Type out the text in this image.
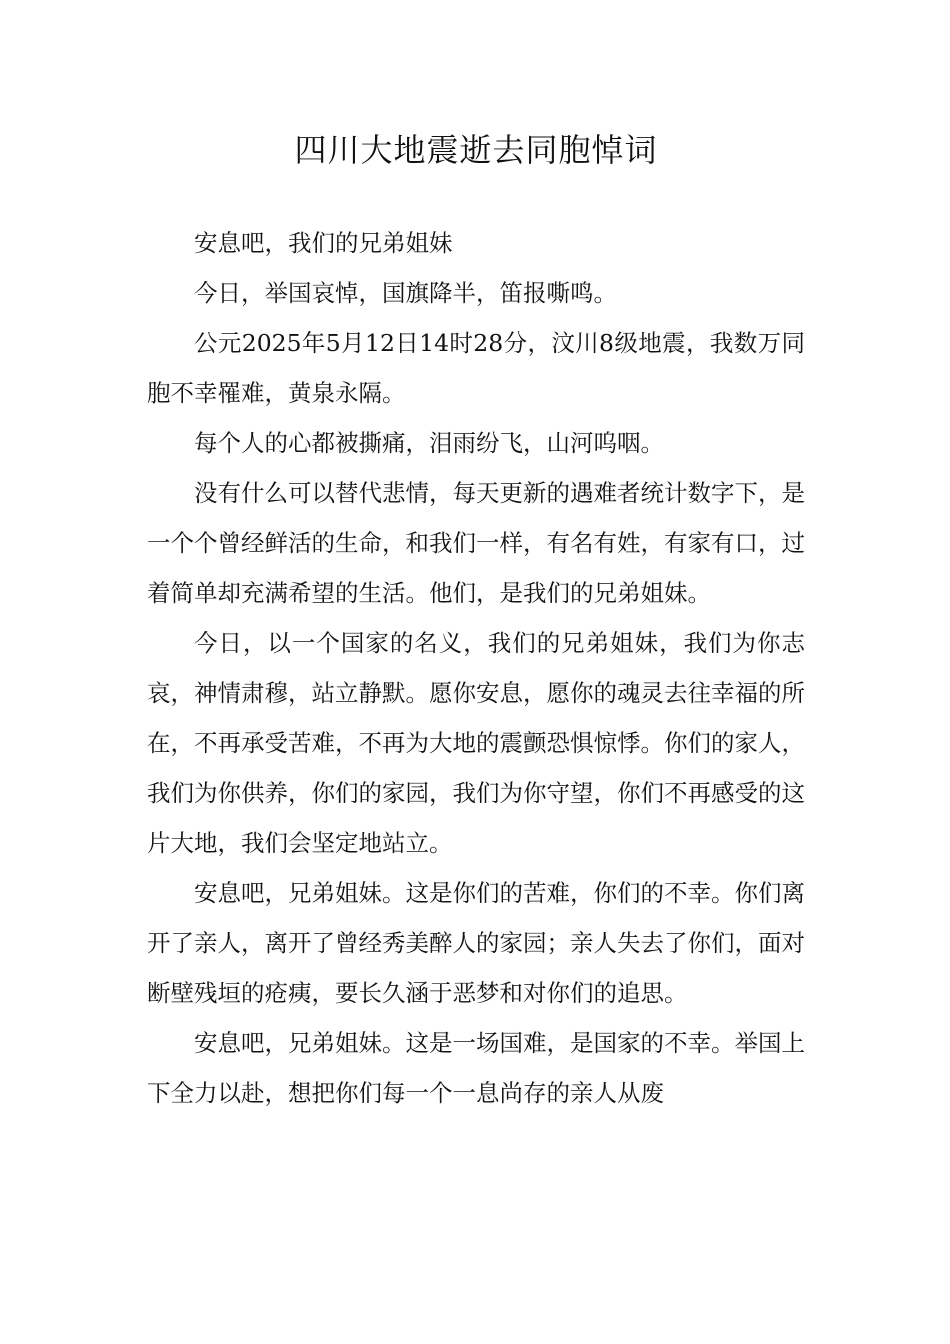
四川大地震逝去同胞悼词

安息吧，我们的兄弟姐妹

今日，举国哀悼，国旗降半，笛报嘶鸣。

公元2025年5月12日14时28分，汶川8级地震，我数万同胞不幸罹难，黄泉永隔。

每个人的心都被撕痛，泪雨纷飞，山河呜咽。

没有什么可以替代悲情，每天更新的遇难者统计数字下，是一个个曾经鲜活的生命，和我们一样，有名有姓，有家有口，过着简单却充满希望的生活。他们，是我们的兄弟姐妹。

今日，以一个国家的名义，我们的兄弟姐妹，我们为你志哀，神情肃穆，站立静默。愿你安息，愿你的魂灵去往幸福的所在，不再承受苦难，不再为大地的震颤恐惧惊悸。你们的家人，我们为你供养，你们的家园，我们为你守望，你们不再感受的这片大地，我们会坚定地站立。

安息吧，兄弟姐妹。这是你们的苦难，你们的不幸。你们离开了亲人，离开了曾经秀美醉人的家园；亲人失去了你们，面对断壁残垣的疮痍，要长久涵于恶梦和对你们的追思。

安息吧，兄弟姐妹。这是一场国难，是国家的不幸。举国上下全力以赴，想把你们每一个一息尚存的亲人从废
